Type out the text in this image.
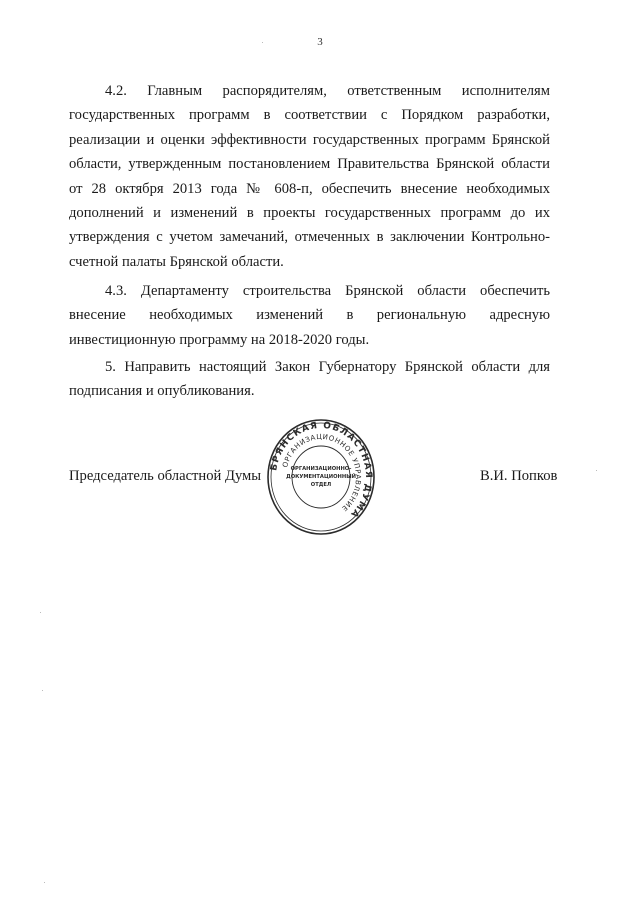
3

4.2. Главным распорядителям, ответственным исполнителям государственных программ в соответствии с Порядком разработки, реализации и оценки эффективности государственных программ Брянской области, утвержденным постановлением Правительства Брянской области от 28 октября 2013 года № 608-п, обеспечить внесение необходимых дополнений и изменений в проекты государственных программ до их утверждения с учетом замечаний, отмеченных в заключении Контрольно-счетной палаты Брянской области.

4.3. Департаменту строительства Брянской области обеспечить внесение необходимых изменений в региональную адресную инвестиционную программу на 2018-2020 годы.

5. Направить настоящий Закон Губернатору Брянской области для подписания и опубликования.

Председатель областной Думы	В.И. Попков
БРЯНСКАЯ ОБЛАСТНАЯ ДУМА
ОРГАНИЗАЦИОННОЕ УПРАВЛЕНИЕ
ОРГАНИЗАЦИОННО-
ДОКУМЕНТАЦИОННЫЙ
ОТДЕЛ
